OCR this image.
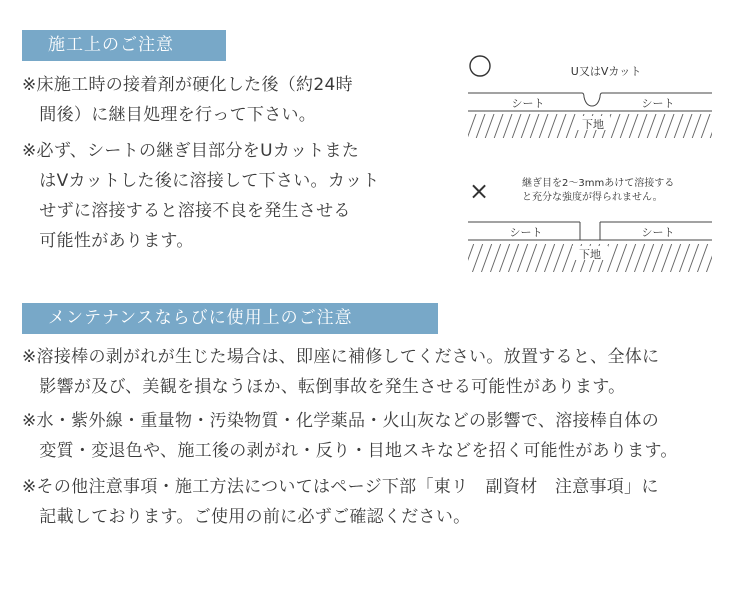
施工上のご注意
※床施工時の接着剤が硬化した後（約24時
　間後）に継目処理を行って下さい。
※必ず、シートの継ぎ目部分をUカットまた
　はVカットした後に溶接して下さい。カット
　せずに溶接すると溶接不良を発生させる
　可能性があります。
U又はVカット
シート	シート
下地
×	継ぎ目を2～3mmあけて溶接する
と充分な強度が得られません。
シート	シート
下地
メンテナンスならびに使用上のご注意
※溶接棒の剥がれが生じた場合は、即座に補修してください。放置すると、全体に
　影響が及び、美観を損なうほか、転倒事故を発生させる可能性があります。
※水・紫外線・重量物・汚染物質・化学薬品・火山灰などの影響で、溶接棒自体の
　変質・変退色や、施工後の剥がれ・反り・目地スキなどを招く可能性があります。
※その他注意事項・施工方法についてはページ下部「東リ　副資材　注意事項」に
　記載しております。ご使用の前に必ずご確認ください。
